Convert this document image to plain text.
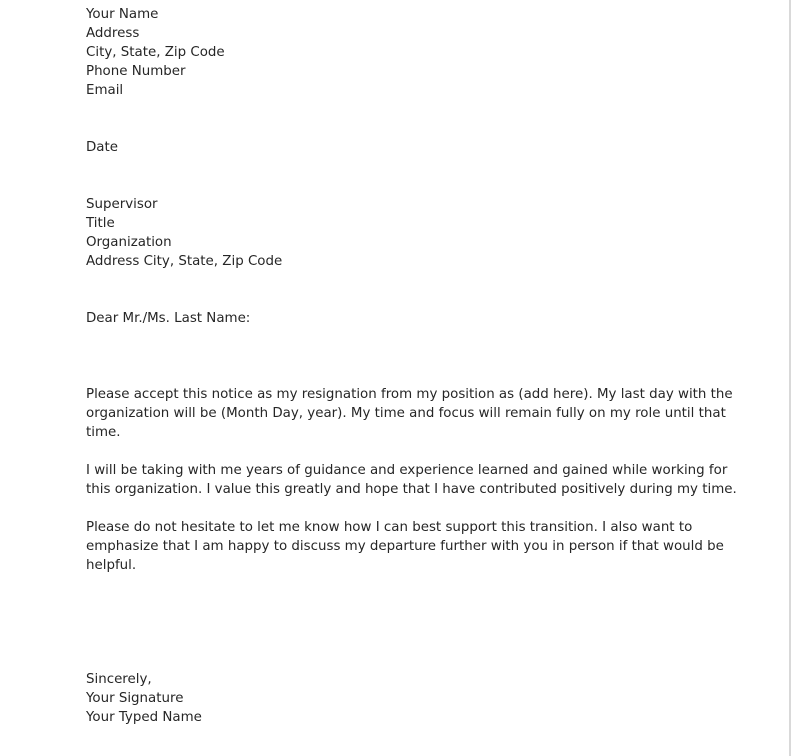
Your Name
Address
City, State, Zip Code
Phone Number
Email
Date
Supervisor
Title
Organization
Address City, State, Zip Code
Dear Mr./Ms. Last Name:
Please accept this notice as my resignation from my position as (add here). My last day with the
organization will be (Month Day, year). My time and focus will remain fully on my role until that
time.
I will be taking with me years of guidance and experience learned and gained while working for
this organization. I value this greatly and hope that I have contributed positively during my time.
Please do not hesitate to let me know how I can best support this transition. I also want to
emphasize that I am happy to discuss my departure further with you in person if that would be
helpful.
Sincerely,
Your Signature
Your Typed Name
